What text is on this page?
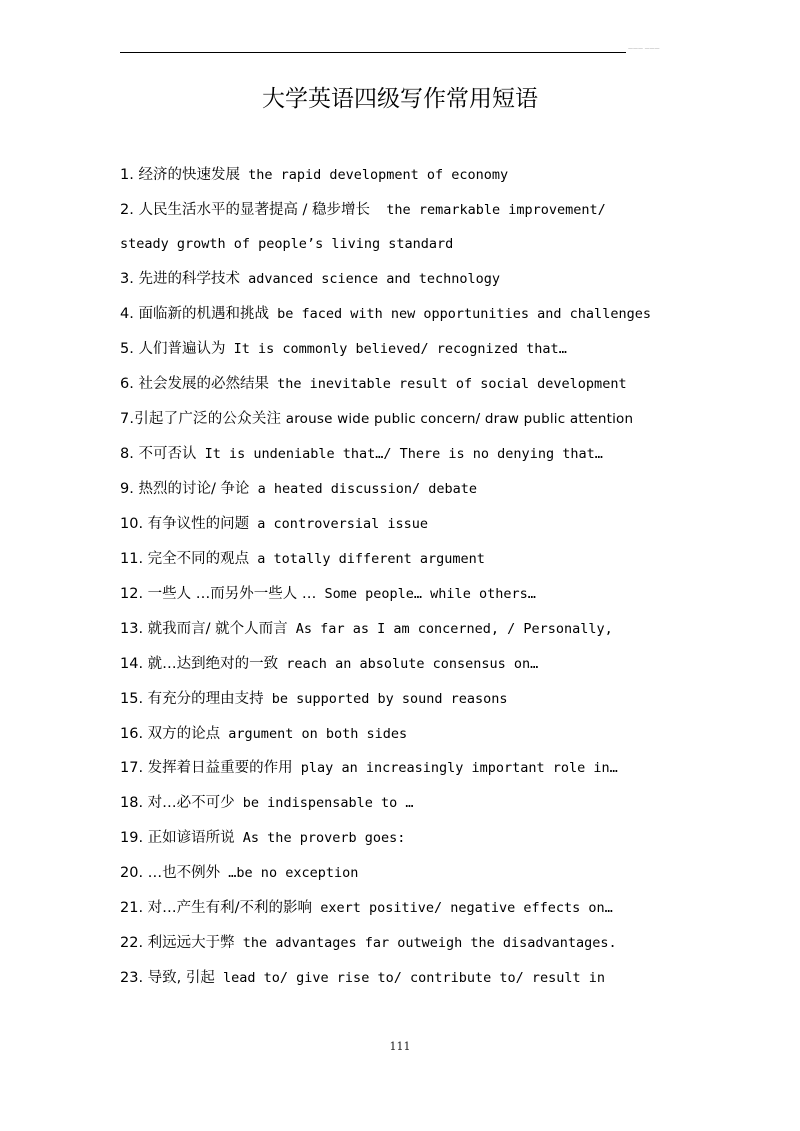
——— ———
大学英语四级写作常用短语
1. 经济的快速发展 the rapid development of economy
2. 人民生活水平的显著提高 / 稳步增长  the remarkable improvement/
steady growth of people’s living standard
3. 先进的科学技术 advanced science and technology
4. 面临新的机遇和挑战 be faced with new opportunities and challenges
5. 人们普遍认为 It is commonly believed/ recognized that…
6. 社会发展的必然结果 the inevitable result of social development
7.引起了广泛的公众关注 arouse wide public concern/ draw public attention
8. 不可否认 It is undeniable that…/ There is no denying that…
9. 热烈的讨论/ 争论 a heated discussion/ debate
10. 有争议性的问题 a controversial issue
11. 完全不同的观点 a totally different argument
12. 一些人 …而另外一些人 … Some people… while others…
13. 就我而言/ 就个人而言 As far as I am concerned, / Personally,
14. 就…达到绝对的一致 reach an absolute consensus on…
15. 有充分的理由支持 be supported by sound reasons
16. 双方的论点 argument on both sides
17. 发挥着日益重要的作用 play an increasingly important role in…
18. 对…必不可少 be indispensable to …
19. 正如谚语所说 As the proverb goes:
20. …也不例外 …be no exception
21. 对…产生有利/不利的影响 exert positive/ negative effects on…
22. 利远远大于弊 the advantages far outweigh the disadvantages.
23. 导致, 引起 lead to/ give rise to/ contribute to/ result in
111
